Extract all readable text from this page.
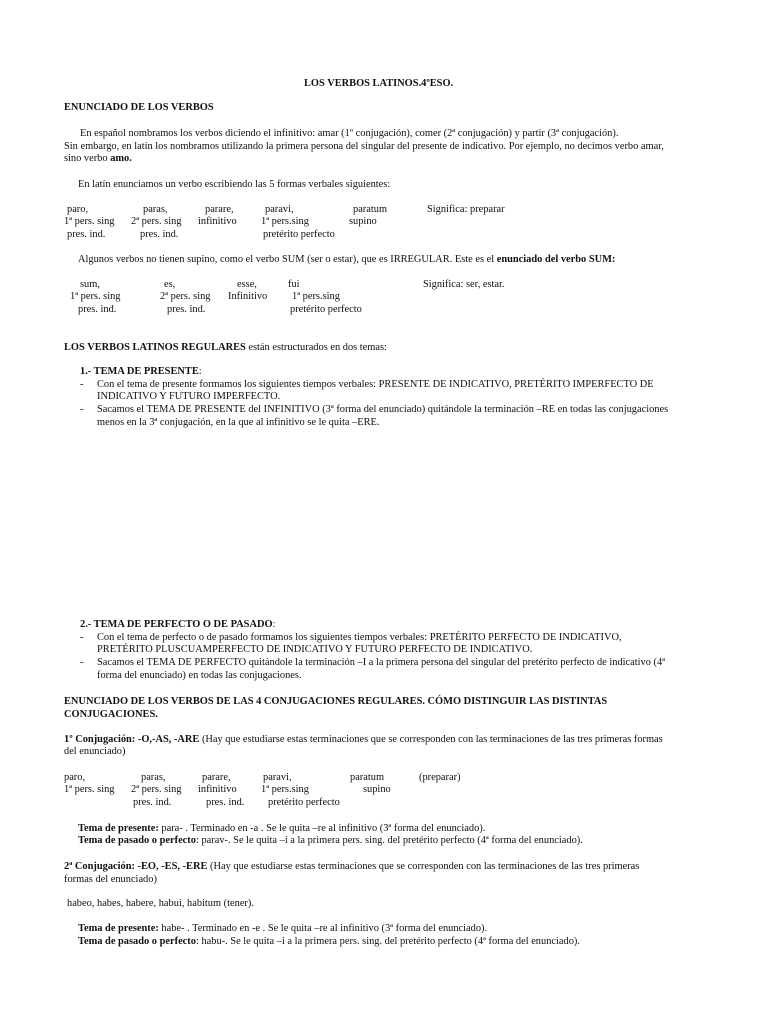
LOS VERBOS LATINOS.4ºESO.
ENUNCIADO DE LOS VERBOS
En español nombramos los verbos diciendo el infinitivo: amar (1º conjugación), comer (2ª conjugación) y partir (3ª conjugación).
Sin embargo, en latín los nombramos utilizando la primera persona del singular del presente de indicativo. Por ejemplo, no decimos verbo amar,
sino verbo amo.
En latín enunciamos un verbo escribiendo las 5 formas verbales siguientes:
paro,	paras,	parare,	paravi,	paratum	Significa: preparar
1ª pers. sing 2ª pers. sing infinitivo 1ª pers.sing	supino
pres. ind.	pres. ind.	pretérito perfecto
Algunos verbos no tienen supino, como el verbo SUM (ser o estar), que es IRREGULAR. Este es el enunciado del verbo SUM:
sum,	es,	esse,	fui	Significa: ser, estar.
1ª pers. sing	2ª pers. sing Infinitivo 1ª pers.sing
pres. ind.	pres. ind.	pretérito perfecto
LOS VERBOS LATINOS REGULARES están estructurados en dos temas:
1.- TEMA DE PRESENTE:
- Con el tema de presente formamos los siguientes tiempos verbales: PRESENTE DE INDICATIVO, PRETÉRITO IMPERFECTO DE
INDICATIVO Y FUTURO IMPERFECTO.
- Sacamos el TEMA DE PRESENTE del INFINITIVO (3ª forma del enunciado) quitándole la terminación –RE en todas las conjugaciones
menos en la 3ª conjugación, en la que al infinitivo se le quita –ERE.
2.- TEMA DE PERFECTO O DE PASADO:
- Con el tema de perfecto o de pasado formamos los siguientes tiempos verbales: PRETÉRITO PERFECTO DE INDICATIVO,
PRETÉRITO PLUSCUAMPERFECTO DE INDICATIVO Y FUTURO PERFECTO DE INDICATIVO.
- Sacamos el TEMA DE PERFECTO quitándole la terminación –I a la primera persona del singular del pretérito perfecto de indicativo (4ª
forma del enunciado) en todas las conjugaciones.
ENUNCIADO DE LOS VERBOS DE LAS 4 CONJUGACIONES REGULARES. CÓMO DISTINGUIR LAS DISTINTAS
CONJUGACIONES.
1º Conjugación: -O,-AS, -ARE (Hay que estudiarse estas terminaciones que se corresponden con las terminaciones de las tres primeras formas
del enunciado)
paro,	paras,	parare,	paravi,	paratum	(preparar)
1ª pers. sing 2ª pers. sing infinitivo 1ª pers.sing	supino
pres. ind.	pres. ind. pretérito perfecto
Tema de presente: para- . Terminado en -a . Se le quita –re al infinitivo (3ª forma del enunciado).
Tema de pasado o perfecto: parav-. Se le quita –i a la primera pers. sing. del pretérito perfecto (4ª forma del enunciado).
2ª Conjugación: -EO, -ES, -ERE (Hay que estudiarse estas terminaciones que se corresponden con las terminaciones de las tres primeras
formas del enunciado)
habeo, habes, habere, habui, habitum (tener).
Tema de presente: habe- . Terminado en -e . Se le quita –re al infinitivo (3ª forma del enunciado).
Tema de pasado o perfecto: habu-. Se le quita –i a la primera pers. sing. del pretérito perfecto (4ª forma del enunciado).
